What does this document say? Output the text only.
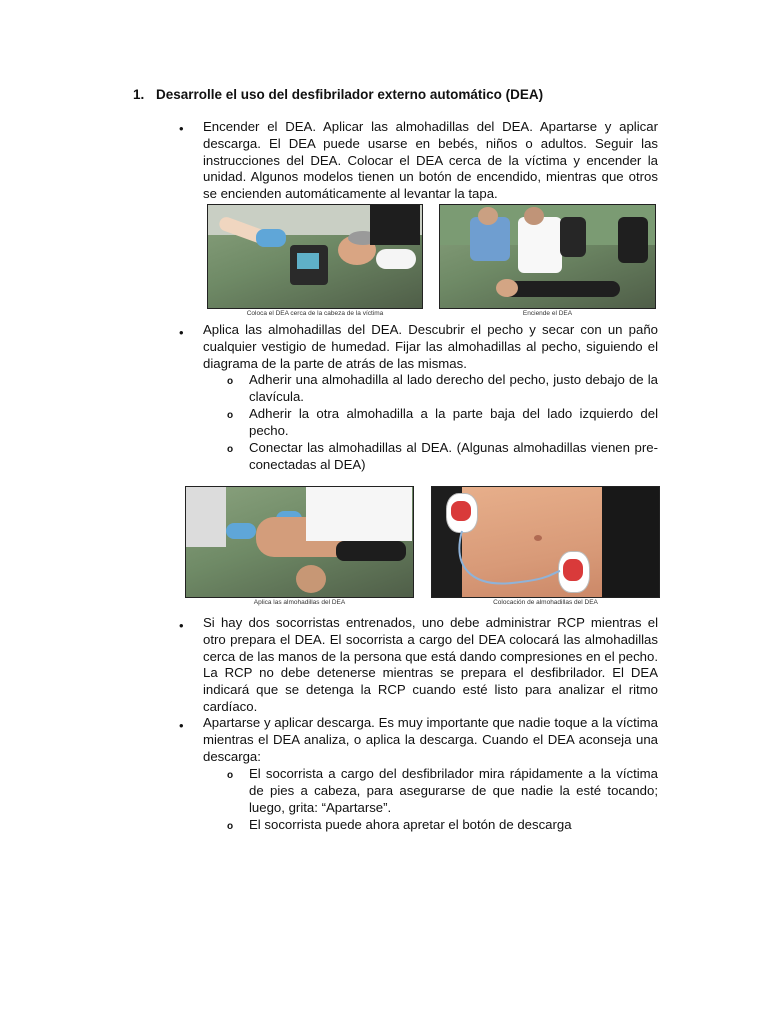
1. Desarrolle el uso del desfibrilador externo automático (DEA)
• Encender el DEA. Aplicar las almohadillas del DEA. Apartarse y aplicar descarga. El DEA puede usarse en bebés, niños o adultos. Seguir las instrucciones del DEA. Colocar el DEA cerca de la víctima y encender la unidad. Algunos modelos tienen un botón de encendido, mientras que otros se encienden automáticamente al levantar la tapa.
Coloca el DEA cerca de la cabeza de la víctima	Enciende el DEA
• Aplica las almohadillas del DEA. Descubrir el pecho y secar con un paño cualquier vestigio de humedad. Fijar las almohadillas al pecho, siguiendo el diagrama de la parte de atrás de las mismas.
o Adherir una almohadilla al lado derecho del pecho, justo debajo de la clavícula.
o Adherir la otra almohadilla a la parte baja del lado izquierdo del pecho.
o Conectar las almohadillas al DEA. (Algunas almohadillas vienen pre-conectadas al DEA)
Aplica las almohadillas del DEA	Colocación de almohadillas del DEA
• Si hay dos socorristas entrenados, uno debe administrar RCP mientras el otro prepara el DEA. El socorrista a cargo del DEA colocará las almohadillas cerca de las manos de la persona que está dando compresiones en el pecho. La RCP no debe detenerse mientras se prepara el desfibrilador. El DEA indicará que se detenga la RCP cuando esté listo para analizar el ritmo cardíaco.
• Apartarse y aplicar descarga. Es muy importante que nadie toque a la víctima mientras el DEA analiza, o aplica la descarga. Cuando el DEA aconseja una descarga:
o El socorrista a cargo del desfibrilador mira rápidamente a la víctima de pies a cabeza, para asegurarse de que nadie la esté tocando; luego, grita: “Apartarse”.
o El socorrista puede ahora apretar el botón de descarga
